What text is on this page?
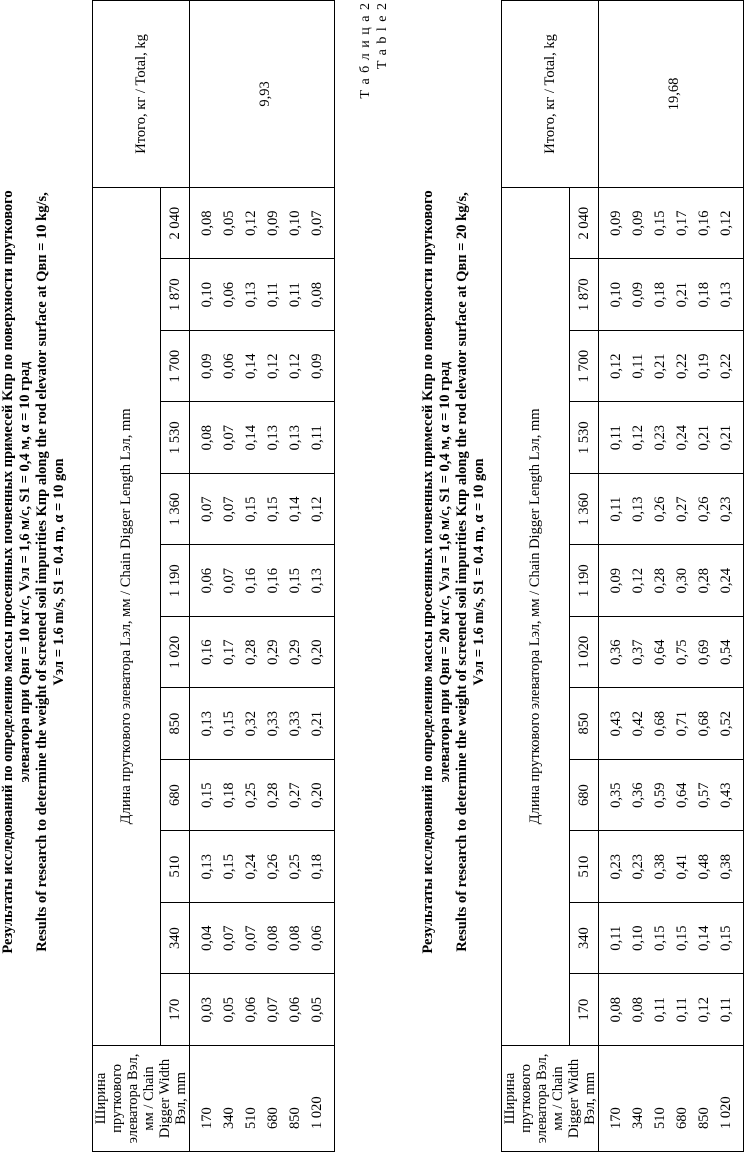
Т а б л и ц а 2

Результаты исследований по определению массы просеянных почвенных примесей Kпр по поверхности пруткового элеватора при Qвп = 10 кг/с, Vэл = 1,6 м/с, S1 = 0,4 м, α = 10 град Results of research to determine the weight of screened soil impurities Kпр along the rod elevator surface at Qвп = 10 kg/s, Vэл = 1.6 m/s, S1 = 0.4 m, α = 10 gon

Ширина пруткового элеватора Bэл, мм / Chain Digger Width Bэл, mm	Длина пруткового элеватора Lэл, мм / Chain Digger Length Lэл, mm												Итого, кг / Total, kg
	170	340	510	680	850	1 020	1 190	1 360	1 530	1 700	1 870	2 040	
170	0,03	0,04	0,13	0,15	0,13	0,16	0,06	0,07	0,08	0,09	0,10	0,08	9,93
340	0,05	0,07	0,15	0,18	0,15	0,17	0,07	0,07	0,07	0,06	0,06	0,05	
510	0,06	0,07	0,24	0,25	0,32	0,28	0,16	0,15	0,14	0,14	0,13	0,12	
680	0,07	0,08	0,26	0,28	0,33	0,29	0,16	0,15	0,13	0,12	0,11	0,09	
850	0,06	0,08	0,25	0,27	0,33	0,29	0,15	0,14	0,13	0,12	0,11	0,10	
1 020	0,05	0,06	0,18	0,20	0,21	0,20	0,13	0,12	0,11	0,09	0,08	0,07	
T a b l e 2

Результаты исследований по определению массы просеянных почвенных примесей Kпр по поверхности пруткового элеватора при Qвп = 20 кг/с, Vэл = 1,6 м/с, S1 = 0,4 м, α = 10 град Results of research to determine the weight of screened soil impurities Kпр along the rod elevator surface at Qвп = 20 kg/s, Vэл = 1.6 m/s, S1 = 0.4 m, α = 10 gon

Ширина пруткового элеватора Bэл, мм / Chain Digger Width Bэл, mm	Длина пруткового элеватора Lэл, мм / Chain Digger Length Lэл, mm												Итого, кг / Total, kg
	170	340	510	680	850	1 020	1 190	1 360	1 530	1 700	1 870	2 040	
170	0,08	0,11	0,23	0,35	0,43	0,36	0,09	0,11	0,11	0,12	0,10	0,09	19,68
340	0,08	0,10	0,23	0,36	0,42	0,37	0,12	0,13	0,12	0,11	0,09	0,09	
510	0,11	0,15	0,38	0,59	0,68	0,64	0,28	0,26	0,23	0,21	0,18	0,15	
680	0,11	0,15	0,41	0,64	0,71	0,75	0,30	0,27	0,24	0,22	0,21	0,17	
850	0,12	0,14	0,48	0,57	0,68	0,69	0,28	0,26	0,21	0,19	0,18	0,16	
1 020	0,11	0,15	0,38	0,43	0,52	0,54	0,24	0,23	0,21	0,22	0,13	0,12	
